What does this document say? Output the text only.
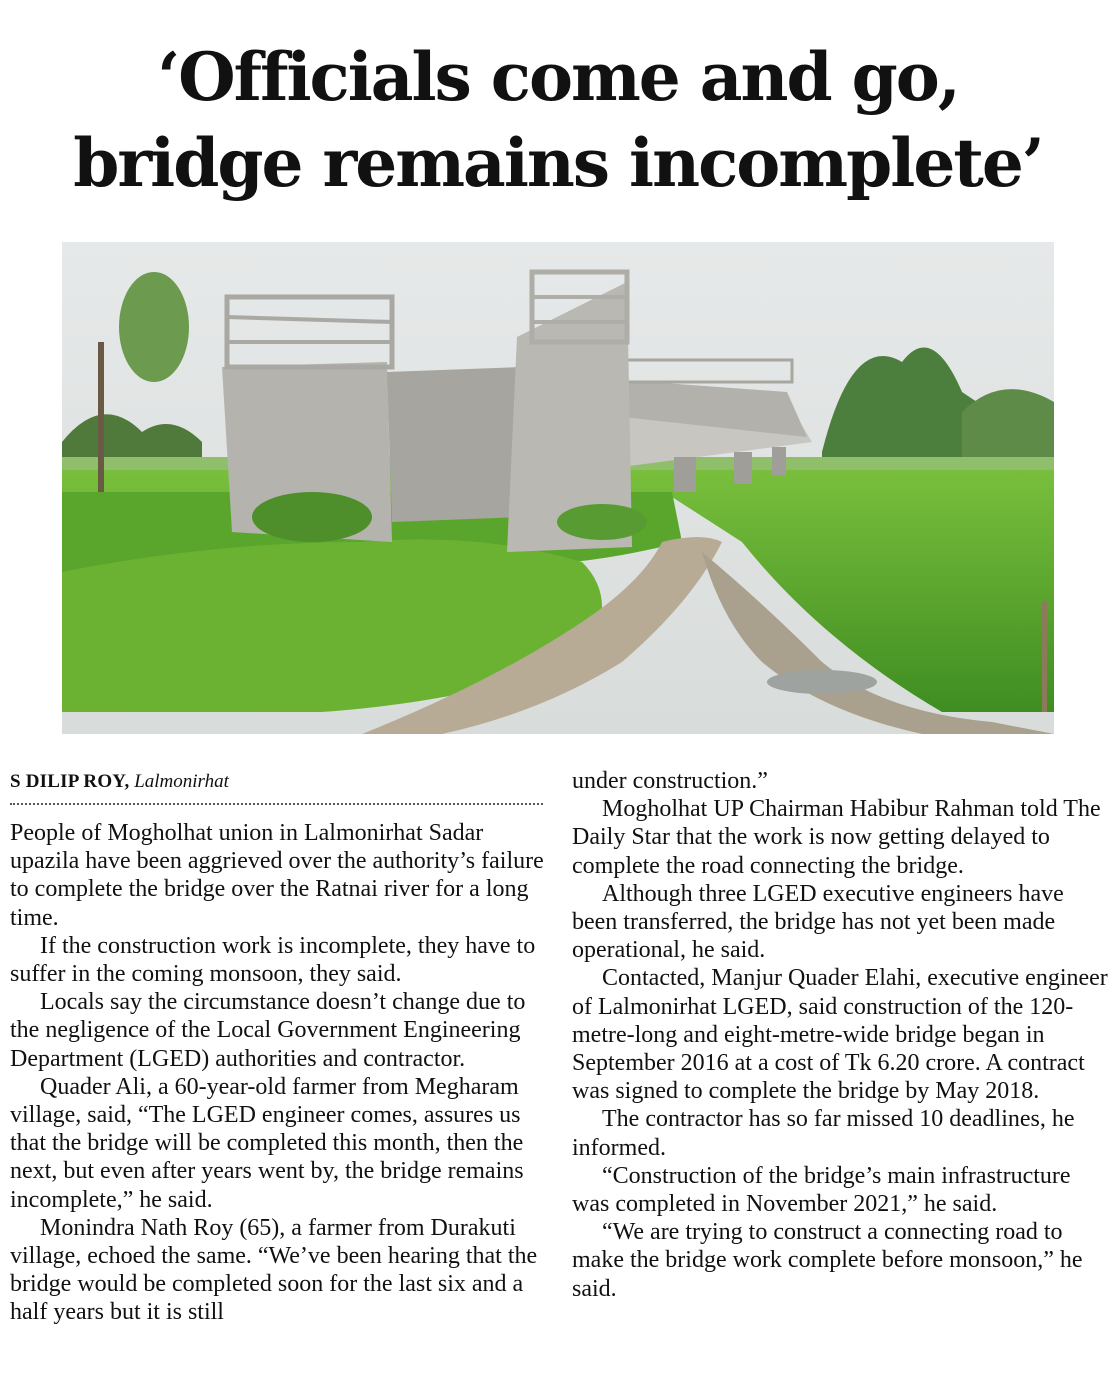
‘Officials come and go,
bridge remains incomplete’
S DILIP ROY, Lalmonirhat

People of Mogholhat union in Lalmonirhat Sadar upazila have been aggrieved over the authority’s failure to complete the bridge over the Ratnai river for a long time.

If the construction work is incomplete, they have to suffer in the coming monsoon, they said.

Locals say the circumstance doesn’t change due to the negligence of the Local Government Engineering Department (LGED) authorities and contractor.

Quader Ali, a 60-year-old farmer from Megharam village, said, “The LGED engineer comes, assures us that the bridge will be completed this month, then the next, but even after years went by, the bridge remains incomplete,” he said.

Monindra Nath Roy (65), a farmer from Durakuti village, echoed the same. “We’ve been hearing that the bridge would be completed soon for the last six and a half years but it is still

under construction.”

Mogholhat UP Chairman Habibur Rahman told The Daily Star that the work is now getting delayed to complete the road connecting the bridge.

Although three LGED executive engineers have been transferred, the bridge has not yet been made operational, he said.

Contacted, Manjur Quader Elahi, executive engineer of Lalmonirhat LGED, said construction of the 120-metre-long and eight-metre-wide bridge began in September 2016 at a cost of Tk 6.20 crore. A contract was signed to complete the bridge by May 2018.

The contractor has so far missed 10 deadlines, he informed.

“Construction of the bridge’s main infrastructure was completed in November 2021,” he said.

“We are trying to construct a connecting road to make the bridge work complete before monsoon,” he said.
